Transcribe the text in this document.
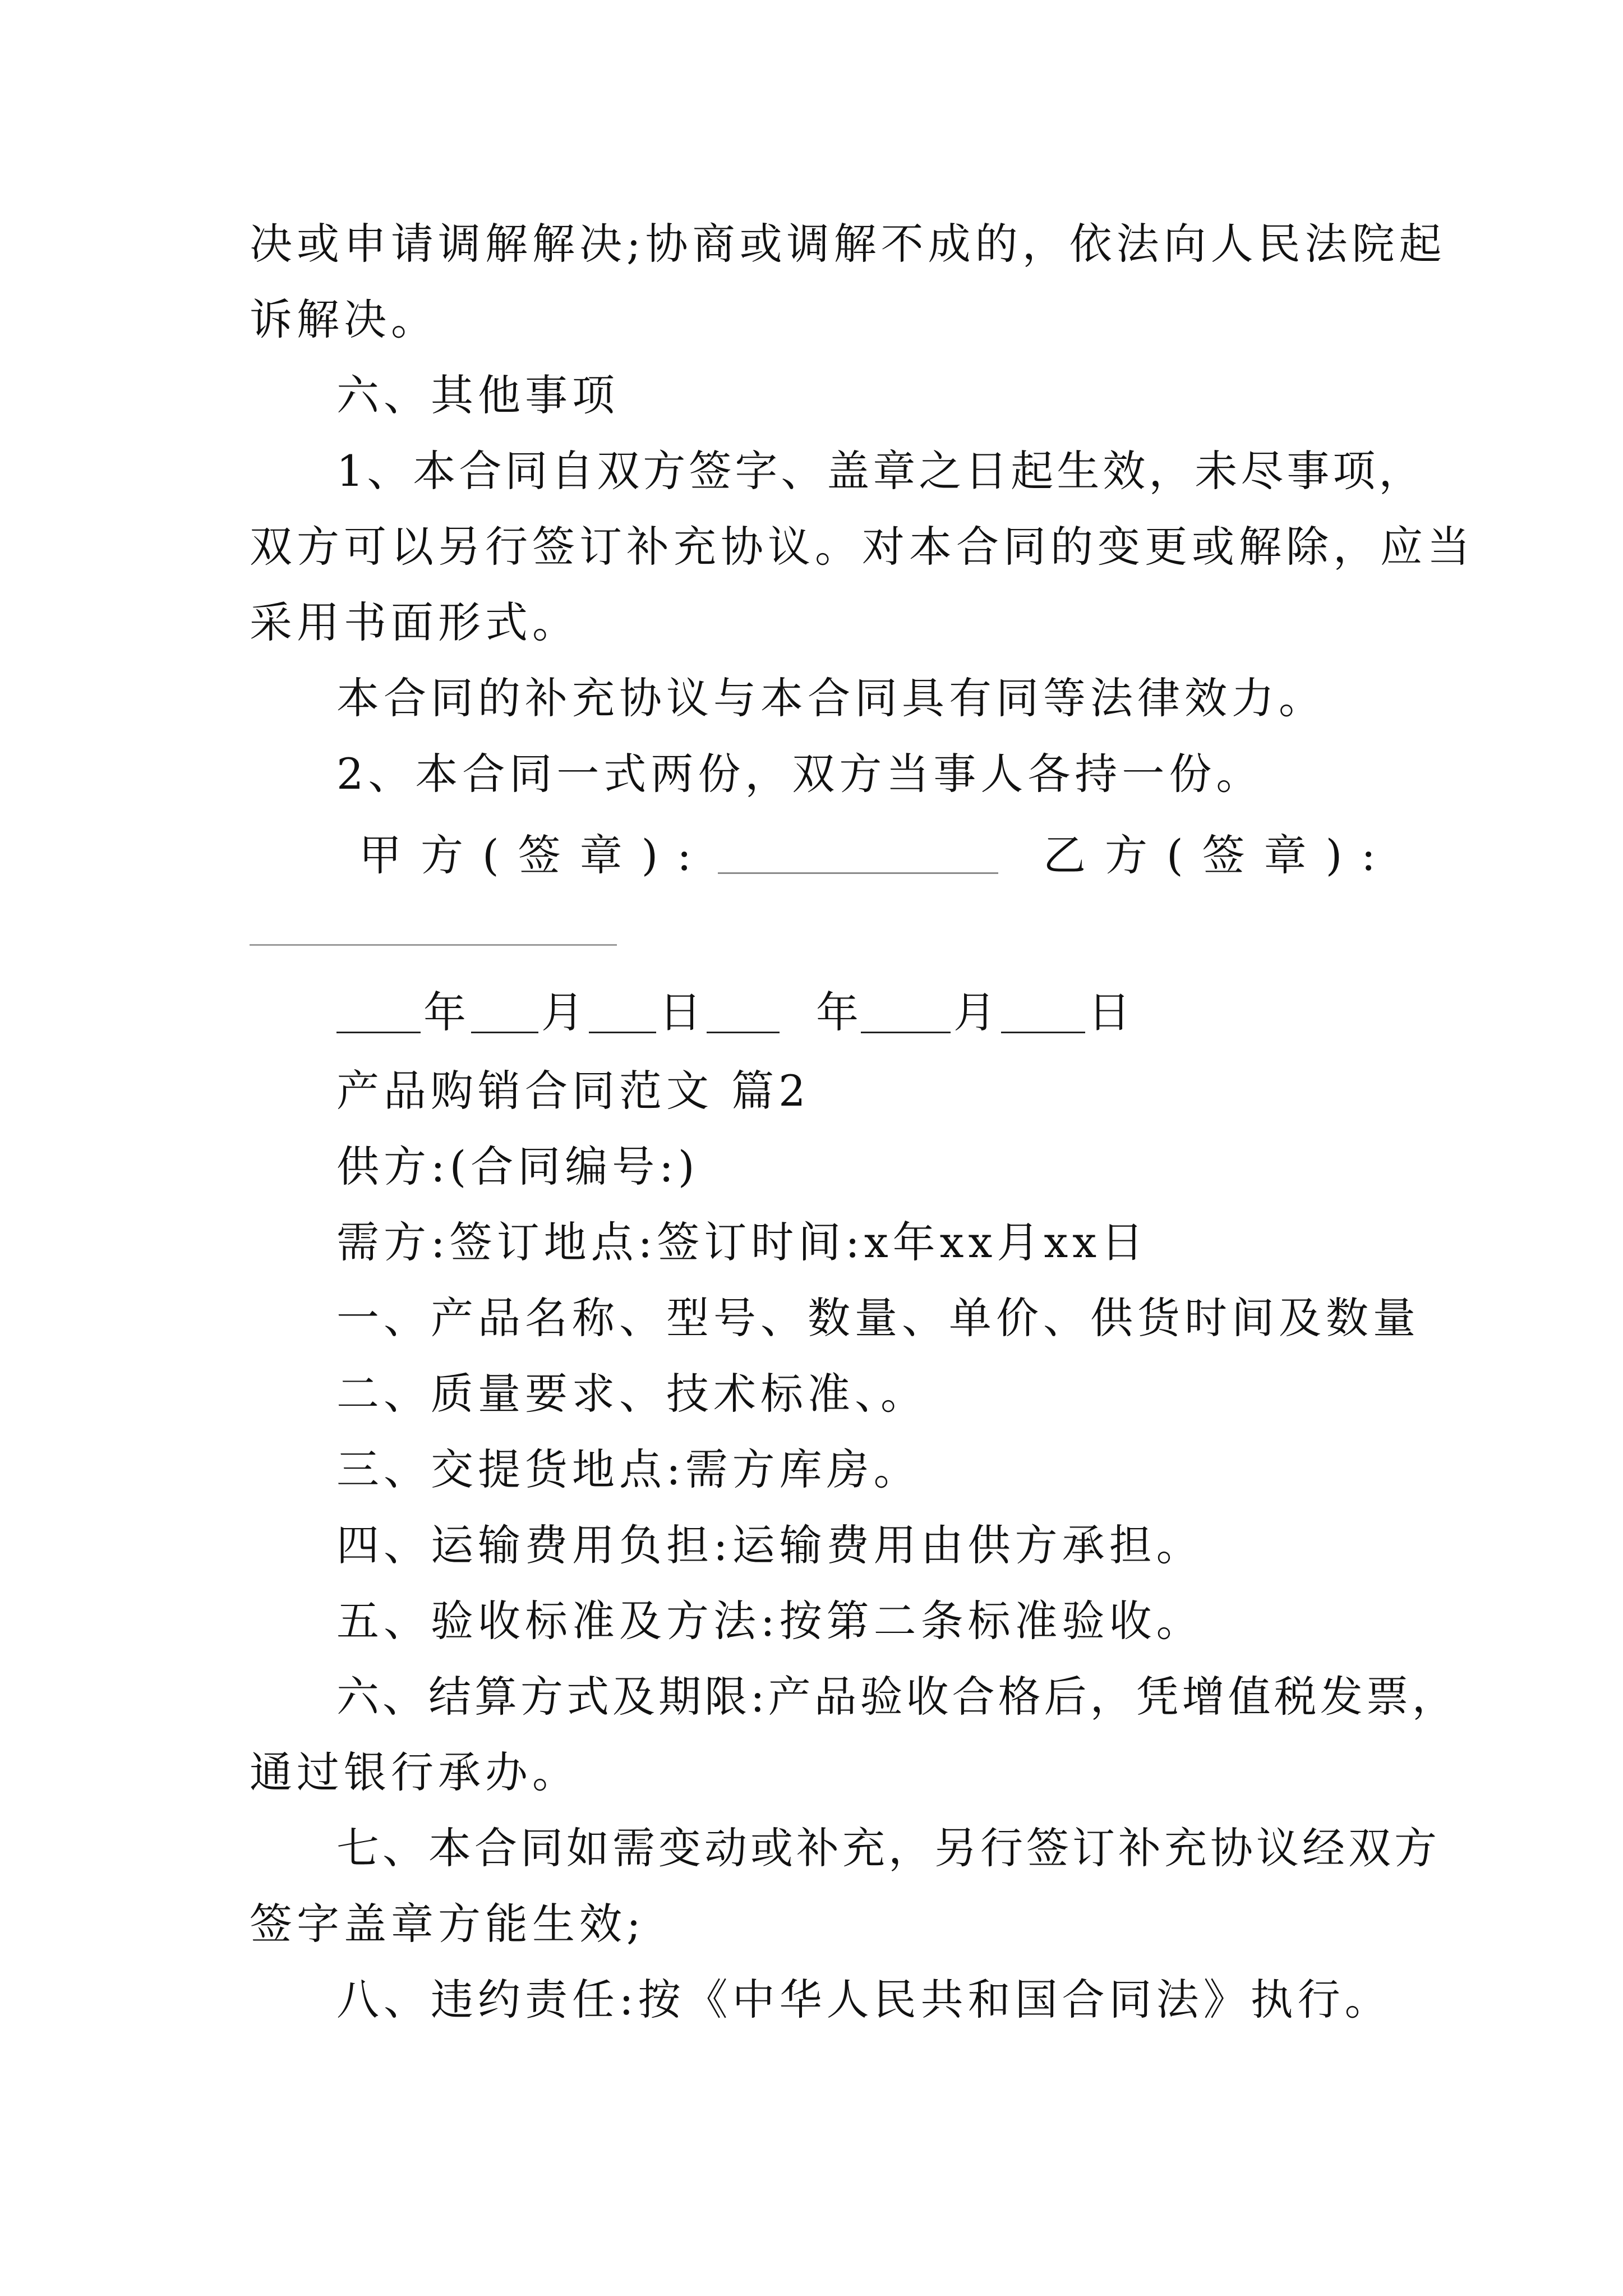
决或申请调解解决;协商或调解不成的，依法向人民法院起
诉解决。
六、其他事项
1、本合同自双方签字、盖章之日起生效，未尽事项，
双方可以另行签订补充协议。对本合同的变更或解除，应当
采用书面形式。
本合同的补充协议与本合同具有同等法律效力。
2、本合同一式两份，双方当事人各持一份。
甲方(签章):	乙方(签章):
年 月 日	年 月 日
产品购销合同范文 篇2
供方:(合同编号:)
需方:签订地点:签订时间:x年xx月xx日
一、产品名称、型号、数量、单价、供货时间及数量
二、质量要求、技术标准、。
三、交提货地点:需方库房。
四、运输费用负担:运输费用由供方承担。
五、验收标准及方法:按第二条标准验收。
六、结算方式及期限:产品验收合格后，凭增值税发票，
通过银行承办。
七、本合同如需变动或补充，另行签订补充协议经双方
签字盖章方能生效;
八、违约责任:按《中华人民共和国合同法》执行。
